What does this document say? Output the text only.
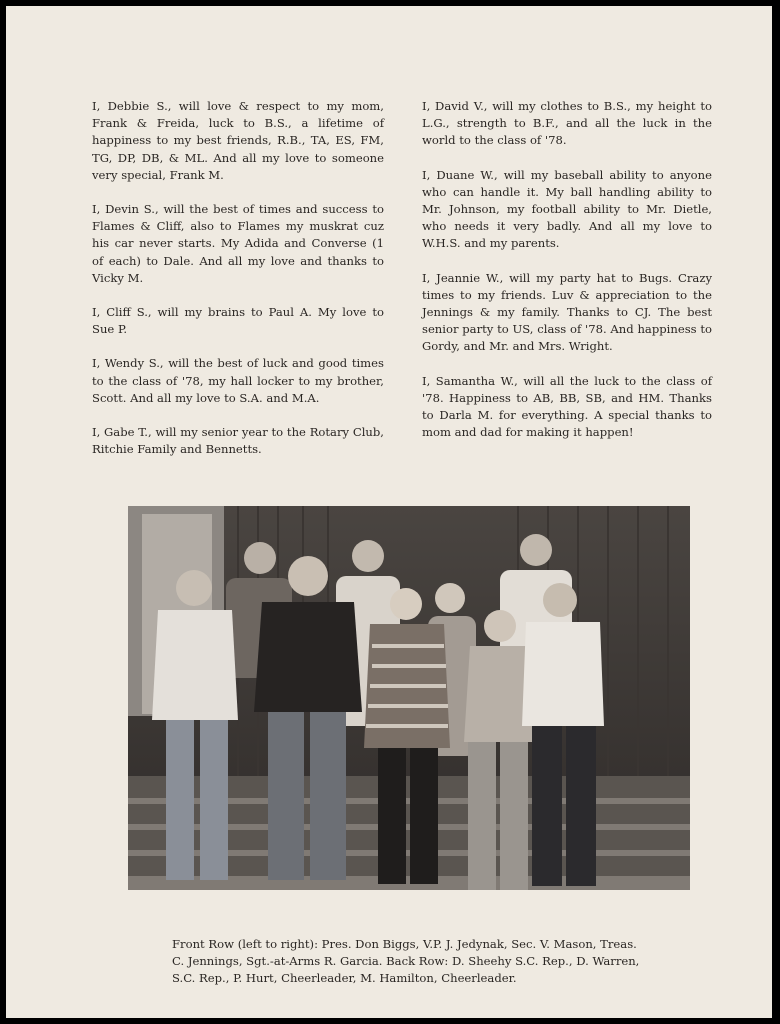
I, Debbie S., will love & respect to my mom, Frank & Freida, luck to B.S., a lifetime of happiness to my best friends, R.B., TA, ES, FM, TG, DP, DB, & ML. And all my love to someone very special, Frank M.

I, Devin S., will the best of times and success to Flames & Cliff, also to Flames my muskrat cuz his car never starts. My Adida and Converse (1 of each) to Dale. And all my love and thanks to Vicky M.

I, Cliff S., will my brains to Paul A. My love to Sue P.

I, Wendy S., will the best of luck and good times to the class of '78, my hall locker to my brother, Scott. And all my love to S.A. and M.A.

I, Gabe T., will my senior year to the Rotary Club, Ritchie Family and Bennetts.

I, David V., will my clothes to B.S., my height to L.G., strength to B.F., and all the luck in the world to the class of '78.

I, Duane W., will my baseball ability to anyone who can handle it. My ball handling ability to Mr. Johnson, my football ability to Mr. Dietle, who needs it very badly. And all my love to W.H.S. and my parents.

I, Jeannie W., will my party hat to Bugs. Crazy times to my friends. Luv & appreciation to the Jennings & my family. Thanks to CJ. The best senior party to US, class of '78. And happiness to Gordy, and Mr. and Mrs. Wright.

I, Samantha W., will all the luck to the class of '78. Happiness to AB, BB, SB, and HM. Thanks to Darla M. for everything. A special thanks to mom and dad for making it happen!

Front Row (left to right): Pres. Don Biggs, V.P. J. Jedynak, Sec. V. Mason, Treas. C. Jennings, Sgt.-at-Arms R. Garcia. Back Row: D. Sheehy S.C. Rep., D. Warren, S.C. Rep., P. Hurt, Cheerleader, M. Hamilton, Cheerleader.
